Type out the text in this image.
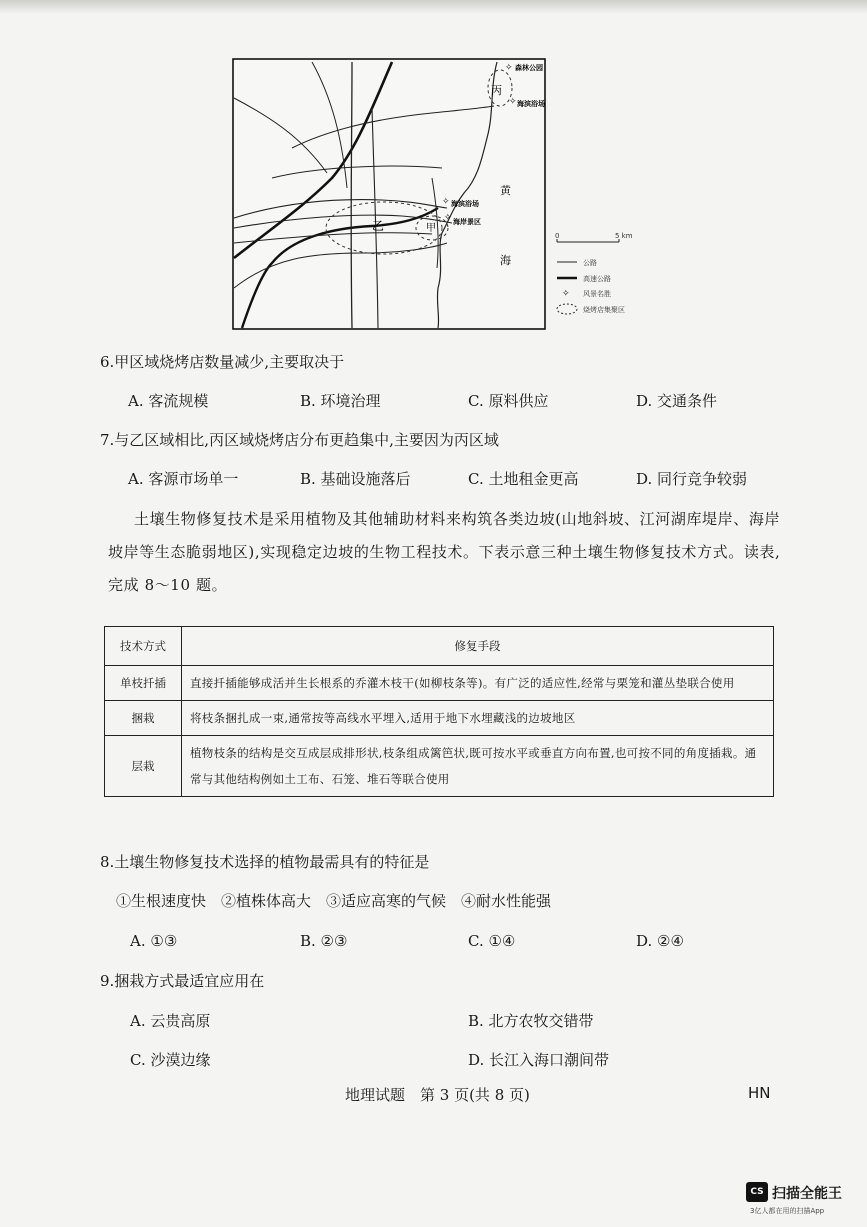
乙	甲
丙
✧ 森林公园
✧ 海滨浴场
✧ 海滨浴场
✧ 海岸景区
黄
海
0	5 km
公路
高速公路
✧ 风景名胜
烧烤店集聚区
6.甲区域烧烤店数量减少,主要取决于
A. 客流规模	B. 环境治理	C. 原料供应	D. 交通条件
7.与乙区域相比,丙区域烧烤店分布更趋集中,主要因为丙区域
A. 客源市场单一	B. 基础设施落后	C. 土地租金更高	D. 同行竞争较弱
土壤生物修复技术是采用植物及其他辅助材料来构筑各类边坡(山地斜坡、江河湖库堤岸、海岸坡岸等生态脆弱地区),实现稳定边坡的生物工程技术。下表示意三种土壤生物修复技术方式。读表,完成 8～10 题。
技术方式	修复手段
单枝扦插	直接扦插能够成活并生长根系的乔灌木枝干(如柳枝条等)。有广泛的适应性,经常与栗笼和灌丛垫联合使用
捆栽	将枝条捆扎成一束,通常按等高线水平埋入,适用于地下水埋藏浅的边坡地区
层栽	植物枝条的结构是交互成层成排形状,枝条组成篱笆状,既可按水平或垂直方向布置,也可按不同的角度插栽。通常与其他结构例如土工布、石笼、堆石等联合使用
8.土壤生物修复技术选择的植物最需具有的特征是
①生根速度快　②植株体高大　③适应高寒的气候　④耐水性能强
A. ①③	B. ②③	C. ①④	D. ②④
9.捆栽方式最适宜应用在
A. 云贵高原	B. 北方农牧交错带
C. 沙漠边缘	D. 长江入海口潮间带
地理试题　第 3 页(共 8 页)	HN
CS 扫描全能王
3亿人都在用的扫描App
